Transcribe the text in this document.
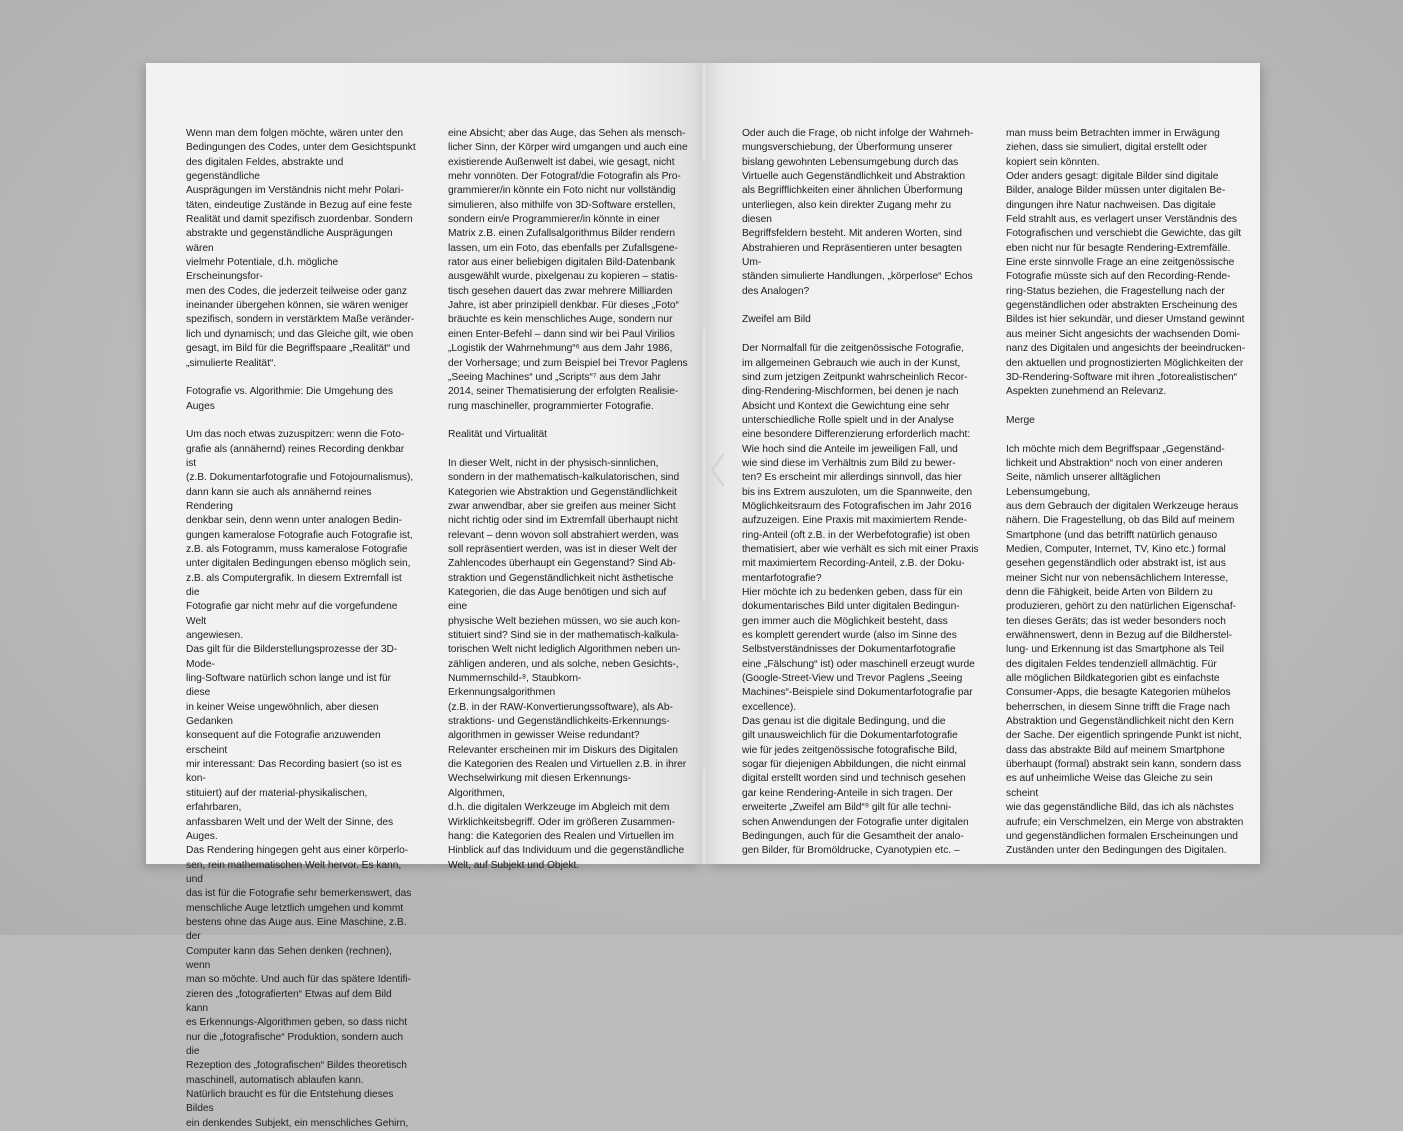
Wenn man dem folgen möchte, wären unter den

Bedingungen des Codes, unter dem Gesichtspunkt

des digitalen Feldes, abstrakte und gegenständliche

Ausprägungen im Verständnis nicht mehr Polari-

täten, eindeutige Zustände in Bezug auf eine feste

Realität und damit spezifisch zuordenbar. Sondern

abstrakte und gegenständliche Ausprägungen wären

vielmehr Potentiale, d.h. mögliche Erscheinungsfor-

men des Codes, die jederzeit teilweise oder ganz

ineinander übergehen können, sie wären weniger

spezifisch, sondern in verstärktem Maße veränder-

lich und dynamisch; und das Gleiche gilt, wie oben

gesagt, im Bild für die Begriffspaare „Realität“ und

„simulierte Realität“.

Fotografie vs. Algorithmie: Die Umgehung des Auges

Um das noch etwas zuzuspitzen: wenn die Foto-

grafie als (annähernd) reines Recording denkbar ist

(z.B. Dokumentarfotografie und Fotojournalismus),

dann kann sie auch als annähernd reines Rendering

denkbar sein, denn wenn unter analogen Bedin-

gungen kameralose Fotografie auch Fotografie ist,

z.B. als Fotogramm, muss kameralose Fotografie

unter digitalen Bedingungen ebenso möglich sein,

z.B. als Computergrafik. In diesem Extremfall ist die

Fotografie gar nicht mehr auf die vorgefundene Welt

angewiesen.

Das gilt für die Bilderstellungsprozesse der 3D-Mode-

ling-Software natürlich schon lange und ist für diese

in keiner Weise ungewöhnlich, aber diesen Gedanken

konsequent auf die Fotografie anzuwenden erscheint

mir interessant: Das Recording basiert (so ist es kon-

stituiert) auf der material-physikalischen, erfahrbaren,

anfassbaren Welt und der Welt der Sinne, des Auges.

Das Rendering hingegen geht aus einer körperlo-

sen, rein mathematischen Welt hervor. Es kann, und

das ist für die Fotografie sehr bemerkenswert, das

menschliche Auge letztlich umgehen und kommt

bestens ohne das Auge aus. Eine Maschine, z.B. der

Computer kann das Sehen denken (rechnen), wenn

man so möchte. Und auch für das spätere Identifi-

zieren des „fotografierten“ Etwas auf dem Bild kann

es Erkennungs-Algorithmen geben, so dass nicht

nur die „fotografische“ Produktion, sondern auch die

Rezeption des „fotografischen“ Bildes theoretisch

maschinell, automatisch ablaufen kann.

Natürlich braucht es für die Entstehung dieses Bildes

ein denkendes Subjekt, ein menschliches Gehirn,

eine Absicht; aber das Auge, das Sehen als mensch-

licher Sinn, der Körper wird umgangen und auch eine

existierende Außenwelt ist dabei, wie gesagt, nicht

mehr vonnöten. Der Fotograf/die Fotografin als Pro-

grammierer/in könnte ein Foto nicht nur vollständig

simulieren, also mithilfe von 3D-Software erstellen,

sondern ein/e Programmierer/in könnte in einer

Matrix z.B. einen Zufallsalgorithmus Bilder rendern

lassen, um ein Foto, das ebenfalls per Zufallsgene-

rator aus einer beliebigen digitalen Bild-Datenbank

ausgewählt wurde, pixelgenau zu kopieren – statis-

tisch gesehen dauert das zwar mehrere Milliarden

Jahre, ist aber prinzipiell denkbar. Für dieses „Foto“

bräuchte es kein menschliches Auge, sondern nur

einen Enter-Befehl – dann sind wir bei Paul Virilios

„Logistik der Wahrnehmung“⁶ aus dem Jahr 1986,

der Vorhersage; und zum Beispiel bei Trevor Paglens

„Seeing Machines“ und „Scripts“⁷ aus dem Jahr

2014, seiner Thematisierung der erfolgten Realisie-

rung maschineller, programmierter Fotografie.

Realität und Virtualität

In dieser Welt, nicht in der physisch-sinnlichen,

sondern in der mathematisch-kalkulatorischen, sind

Kategorien wie Abstraktion und Gegenständlichkeit

zwar anwendbar, aber sie greifen aus meiner Sicht

nicht richtig oder sind im Extremfall überhaupt nicht

relevant – denn wovon soll abstrahiert werden, was

soll repräsentiert werden, was ist in dieser Welt der

Zahlencodes überhaupt ein Gegenstand? Sind Ab-

straktion und Gegenständlichkeit nicht ästhetische

Kategorien, die das Auge benötigen und sich auf eine

physische Welt beziehen müssen, wo sie auch kon-

stituiert sind? Sind sie in der mathematisch-kalkula-

torischen Welt nicht lediglich Algorithmen neben un-

zähligen anderen, und als solche, neben Gesichts-,

Nummernschild-⁸, Staubkorn-Erkennungsalgorithmen

(z.B. in der RAW-Konvertierungssoftware), als Ab-

straktions- und Gegenständlichkeits-Erkennungs-

algorithmen in gewisser Weise redundant?

Relevanter erscheinen mir im Diskurs des Digitalen

die Kategorien des Realen und Virtuellen z.B. in ihrer

Wechselwirkung mit diesen Erkennungs-Algorithmen,

d.h. die digitalen Werkzeuge im Abgleich mit dem

Wirklichkeitsbegriff. Oder im größeren Zusammen-

hang: die Kategorien des Realen und Virtuellen im

Hinblick auf das Individuum und die gegenständliche

Welt, auf Subjekt und Objekt.

Oder auch die Frage, ob nicht infolge der Wahrneh-

mungsverschiebung, der Überformung unserer

bislang gewohnten Lebensumgebung durch das

Virtuelle auch Gegenständlichkeit und Abstraktion

als Begrifflichkeiten einer ähnlichen Überformung

unterliegen, also kein direkter Zugang mehr zu diesen

Begriffsfeldern besteht. Mit anderen Worten, sind

Abstrahieren und Repräsentieren unter besagten Um-

ständen simulierte Handlungen, „körperlose“ Echos

des Analogen?

Zweifel am Bild

Der Normalfall für die zeitgenössische Fotografie,

im allgemeinen Gebrauch wie auch in der Kunst,

sind zum jetzigen Zeitpunkt wahrscheinlich Recor-

ding-Rendering-Mischformen, bei denen je nach

Absicht und Kontext die Gewichtung eine sehr

unterschiedliche Rolle spielt und in der Analyse

eine besondere Differenzierung erforderlich macht:

Wie hoch sind die Anteile im jeweiligen Fall, und

wie sind diese im Verhältnis zum Bild zu bewer-

ten? Es erscheint mir allerdings sinnvoll, das hier

bis ins Extrem auszuloten, um die Spannweite, den

Möglichkeitsraum des Fotografischen im Jahr 2016

aufzuzeigen. Eine Praxis mit maximiertem Rende-

ring-Anteil (oft z.B. in der Werbefotografie) ist oben

thematisiert, aber wie verhält es sich mit einer Praxis

mit maximiertem Recording-Anteil, z.B. der Doku-

mentarfotografie?

Hier möchte ich zu bedenken geben, dass für ein

dokumentarisches Bild unter digitalen Bedingun-

gen immer auch die Möglichkeit besteht, dass

es komplett gerendert wurde (also im Sinne des

Selbstverständnisses der Dokumentarfotografie

eine „Fälschung“ ist) oder maschinell erzeugt wurde

(Google-Street-View und Trevor Paglens „Seeing

Machines“-Beispiele sind Dokumentarfotografie par

excellence).

Das genau ist die digitale Bedingung, und die

gilt unausweichlich für die Dokumentarfotografie

wie für jedes zeitgenössische fotografische Bild,

sogar für diejenigen Abbildungen, die nicht einmal

digital erstellt worden sind und technisch gesehen

gar keine Rendering-Anteile in sich tragen. Der

erweiterte „Zweifel am Bild“⁹ gilt für alle techni-

schen Anwendungen der Fotografie unter digitalen

Bedingungen, auch für die Gesamtheit der analo-

gen Bilder, für Bromöldrucke, Cyanotypien etc. –

man muss beim Betrachten immer in Erwägung

ziehen, dass sie simuliert, digital erstellt oder

kopiert sein könnten.

Oder anders gesagt: digitale Bilder sind digitale

Bilder, analoge Bilder müssen unter digitalen Be-

dingungen ihre Natur nachweisen. Das digitale

Feld strahlt aus, es verlagert unser Verständnis des

Fotografischen und verschiebt die Gewichte, das gilt

eben nicht nur für besagte Rendering-Extremfälle.

Eine erste sinnvolle Frage an eine zeitgenössische

Fotografie müsste sich auf den Recording-Rende-

ring-Status beziehen, die Fragestellung nach der

gegenständlichen oder abstrakten Erscheinung des

Bildes ist hier sekundär, und dieser Umstand gewinnt

aus meiner Sicht angesichts der wachsenden Domi-

nanz des Digitalen und angesichts der beeindrucken-

den aktuellen und prognostizierten Möglichkeiten der

3D-Rendering-Software mit ihren „fotorealistischen“

Aspekten zunehmend an Relevanz.

Merge

Ich möchte mich dem Begriffspaar „Gegenständ-

lichkeit und Abstraktion“ noch von einer anderen

Seite, nämlich unserer alltäglichen Lebensumgebung,

aus dem Gebrauch der digitalen Werkzeuge heraus

nähern. Die Fragestellung, ob das Bild auf meinem

Smartphone (und das betrifft natürlich genauso

Medien, Computer, Internet, TV, Kino etc.) formal

gesehen gegenständlich oder abstrakt ist, ist aus

meiner Sicht nur von nebensächlichem Interesse,

denn die Fähigkeit, beide Arten von Bildern zu

produzieren, gehört zu den natürlichen Eigenschaf-

ten dieses Geräts; das ist weder besonders noch

erwähnenswert, denn in Bezug auf die Bildherstel-

lung- und Erkennung ist das Smartphone als Teil

des digitalen Feldes tendenziell allmächtig. Für

alle möglichen Bildkategorien gibt es einfachste

Consumer-Apps, die besagte Kategorien mühelos

beherrschen, in diesem Sinne trifft die Frage nach

Abstraktion und Gegenständlichkeit nicht den Kern

der Sache. Der eigentlich springende Punkt ist nicht,

dass das abstrakte Bild auf meinem Smartphone

überhaupt (formal) abstrakt sein kann, sondern dass

es auf unheimliche Weise das Gleiche zu sein scheint

wie das gegenständliche Bild, das ich als nächstes

aufrufe; ein Verschmelzen, ein Merge von abstrakten

und gegenständlichen formalen Erscheinungen und

Zuständen unter den Bedingungen des Digitalen.
